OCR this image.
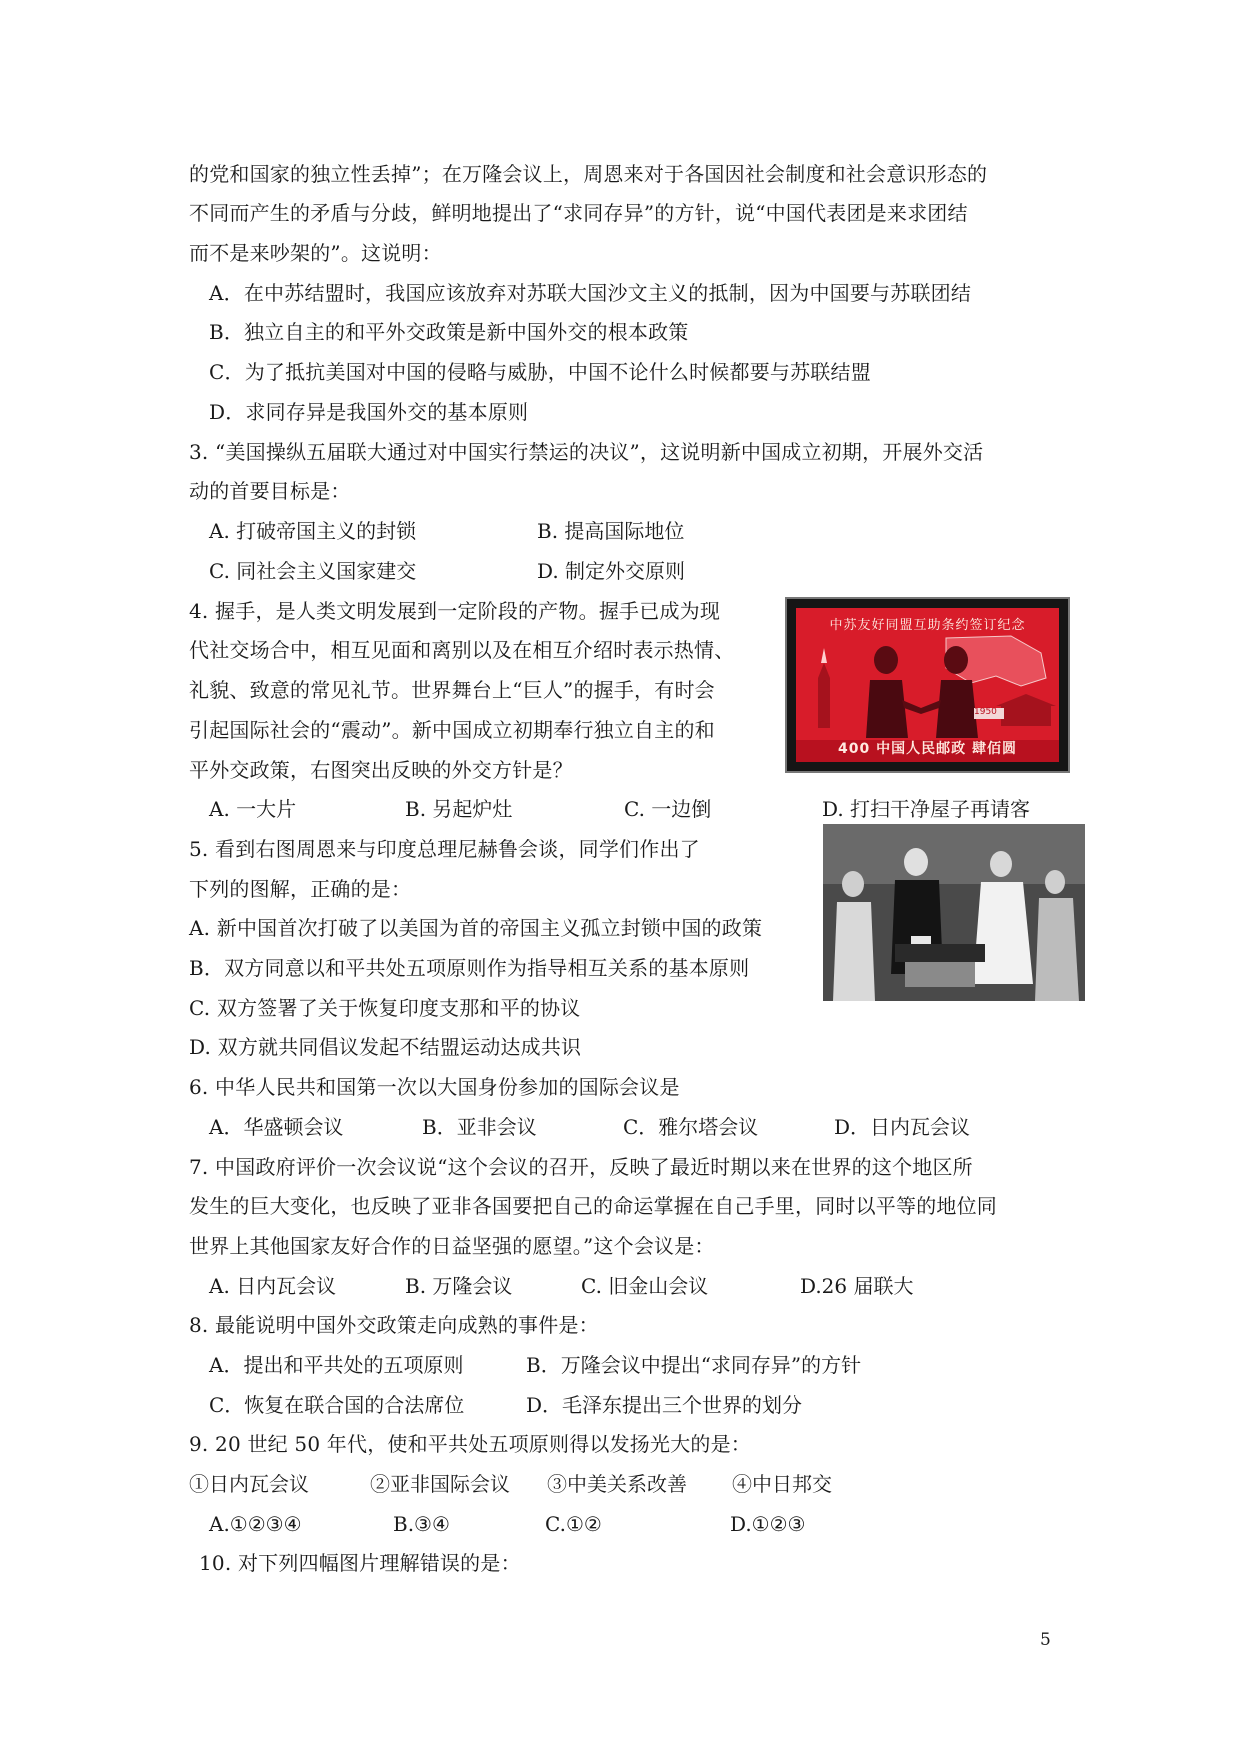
的党和国家的独立性丢掉”；在万隆会议上，周恩来对于各国因社会制度和社会意识形态的
不同而产生的矛盾与分歧，鲜明地提出了“求同存异”的方针，说“中国代表团是来求团结
而不是来吵架的”。这说明：
A．在中苏结盟时，我国应该放弃对苏联大国沙文主义的抵制，因为中国要与苏联团结
B．独立自主的和平外交政策是新中国外交的根本政策
C．为了抵抗美国对中国的侵略与威胁，中国不论什么时候都要与苏联结盟
D．求同存异是我国外交的基本原则
3. “美国操纵五届联大通过对中国实行禁运的决议”，这说明新中国成立初期，开展外交活
动的首要目标是：
A. 打破帝国主义的封锁	B. 提高国际地位
C. 同社会主义国家建交	D. 制定外交原则
4. 握手，是人类文明发展到一定阶段的产物。握手已成为现
代社交场合中，相互见面和离别以及在相互介绍时表示热情、
礼貌、致意的常见礼节。世界舞台上“巨人”的握手，有时会
引起国际社会的“震动”。新中国成立初期奉行独立自主的和
平外交政策，右图突出反映的外交方针是？
A. 一大片	B. 另起炉灶	C. 一边倒	D. 打扫干净屋子再请客
中苏友好同盟互助条约签订纪念
1950
400 中国人民邮政 肆佰圆
5. 看到右图周恩来与印度总理尼赫鲁会谈，同学们作出了
下列的图解，正确的是：
A. 新中国首次打破了以美国为首的帝国主义孤立封锁中国的政策
B．双方同意以和平共处五项原则作为指导相互关系的基本原则
C. 双方签署了关于恢复印度支那和平的协议
D. 双方就共同倡议发起不结盟运动达成共识
6. 中华人民共和国第一次以大国身份参加的国际会议是
A．华盛顿会议	B．亚非会议	C．雅尔塔会议	D．日内瓦会议
7. 中国政府评价一次会议说“这个会议的召开，反映了最近时期以来在世界的这个地区所
发生的巨大变化，也反映了亚非各国要把自己的命运掌握在自己手里，同时以平等的地位同
世界上其他国家友好合作的日益坚强的愿望。”这个会议是：
A. 日内瓦会议	B. 万隆会议	C. 旧金山会议	D.26 届联大
8. 最能说明中国外交政策走向成熟的事件是：
A．提出和平共处的五项原则	B．万隆会议中提出“求同存异”的方针
C．恢复在联合国的合法席位	D．毛泽东提出三个世界的划分
9. 20 世纪 50 年代，使和平共处五项原则得以发扬光大的是：
①日内瓦会议	②亚非国际会议 ③中美关系改善 ④中日邦交
A.①②③④	B.③④	C.①②	D.①②③
10. 对下列四幅图片理解错误的是：
5
